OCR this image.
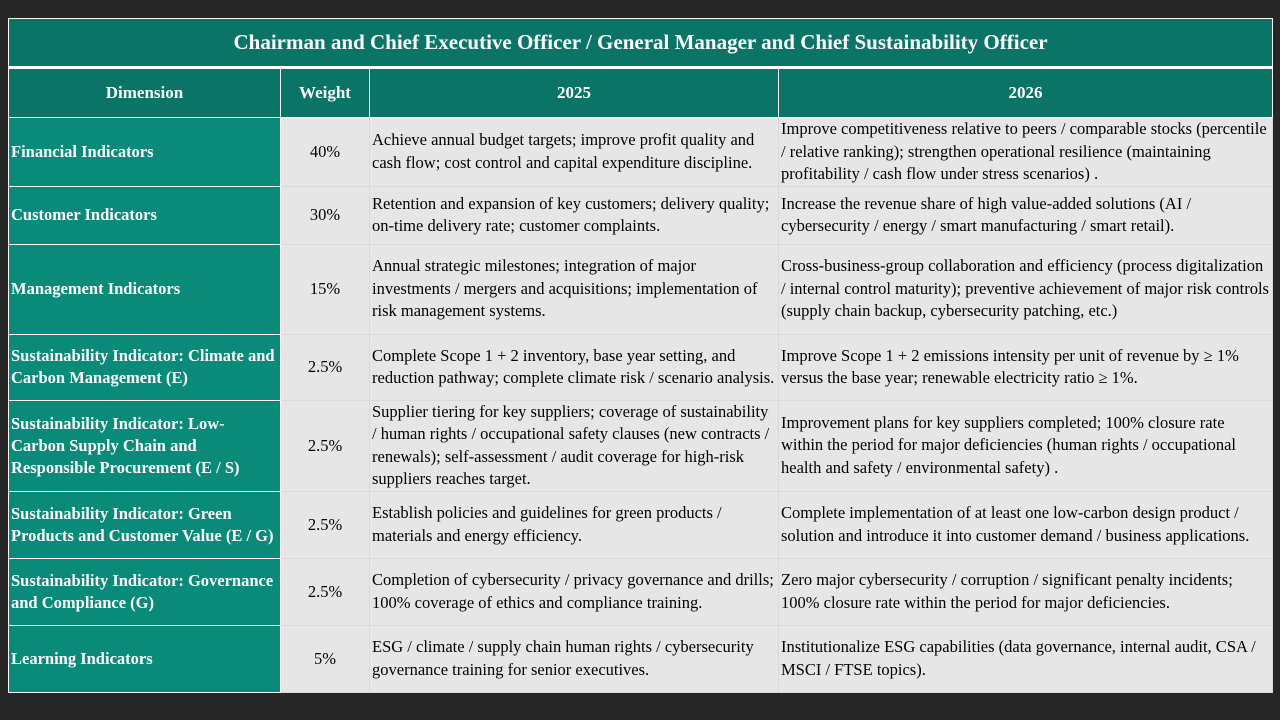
Chairman and Chief Executive Officer / General Manager and Chief Sustainability Officer			
Dimension	Weight	2025	2026
Financial Indicators	40%	Achieve annual budget targets; improve profit quality and cash flow; cost control and capital expenditure discipline.	Improve competitiveness relative to peers / comparable stocks (percentile / relative ranking); strengthen operational resilience (maintaining profitability / cash flow under stress scenarios) .
Customer Indicators	30%	Retention and expansion of key customers; delivery quality; on-time delivery rate; customer complaints.	Increase the revenue share of high value-added solutions (AI / cybersecurity / energy / smart manufacturing / smart retail).
Management Indicators	15%	Annual strategic milestones; integration of major investments / mergers and acquisitions; implementation of risk management systems.	Cross-business-group collaboration and efficiency (process digitalization / internal control maturity); preventive achievement of major risk controls (supply chain backup, cybersecurity patching, etc.)
Sustainability Indicator: Climate and Carbon Management (E)	2.5%	Complete Scope 1 + 2 inventory, base year setting, and reduction pathway; complete climate risk / scenario analysis.	Improve Scope 1 + 2 emissions intensity per unit of revenue by ≥ 1% versus the base year; renewable electricity ratio ≥ 1%.
Sustainability Indicator: Low-Carbon Supply Chain and Responsible Procurement (E / S)	2.5%	Supplier tiering for key suppliers; coverage of sustainability / human rights / occupational safety clauses (new contracts / renewals); self-assessment / audit coverage for high-risk suppliers reaches target.	Improvement plans for key suppliers completed; 100% closure rate within the period for major deficiencies (human rights / occupational health and safety / environmental safety) .
Sustainability Indicator: Green Products and Customer Value (E / G)	2.5%	Establish policies and guidelines for green products / materials and energy efficiency.	Complete implementation of at least one low-carbon design product / solution and introduce it into customer demand / business applications.
Sustainability Indicator: Governance and Compliance (G)	2.5%	Completion of cybersecurity / privacy governance and drills; 100% coverage of ethics and compliance training.	Zero major cybersecurity / corruption / significant penalty incidents; 100% closure rate within the period for major deficiencies.
Learning Indicators	5%	ESG / climate / supply chain human rights / cybersecurity governance training for senior executives.	Institutionalize ESG capabilities (data governance, internal audit, CSA / MSCI / FTSE topics).
